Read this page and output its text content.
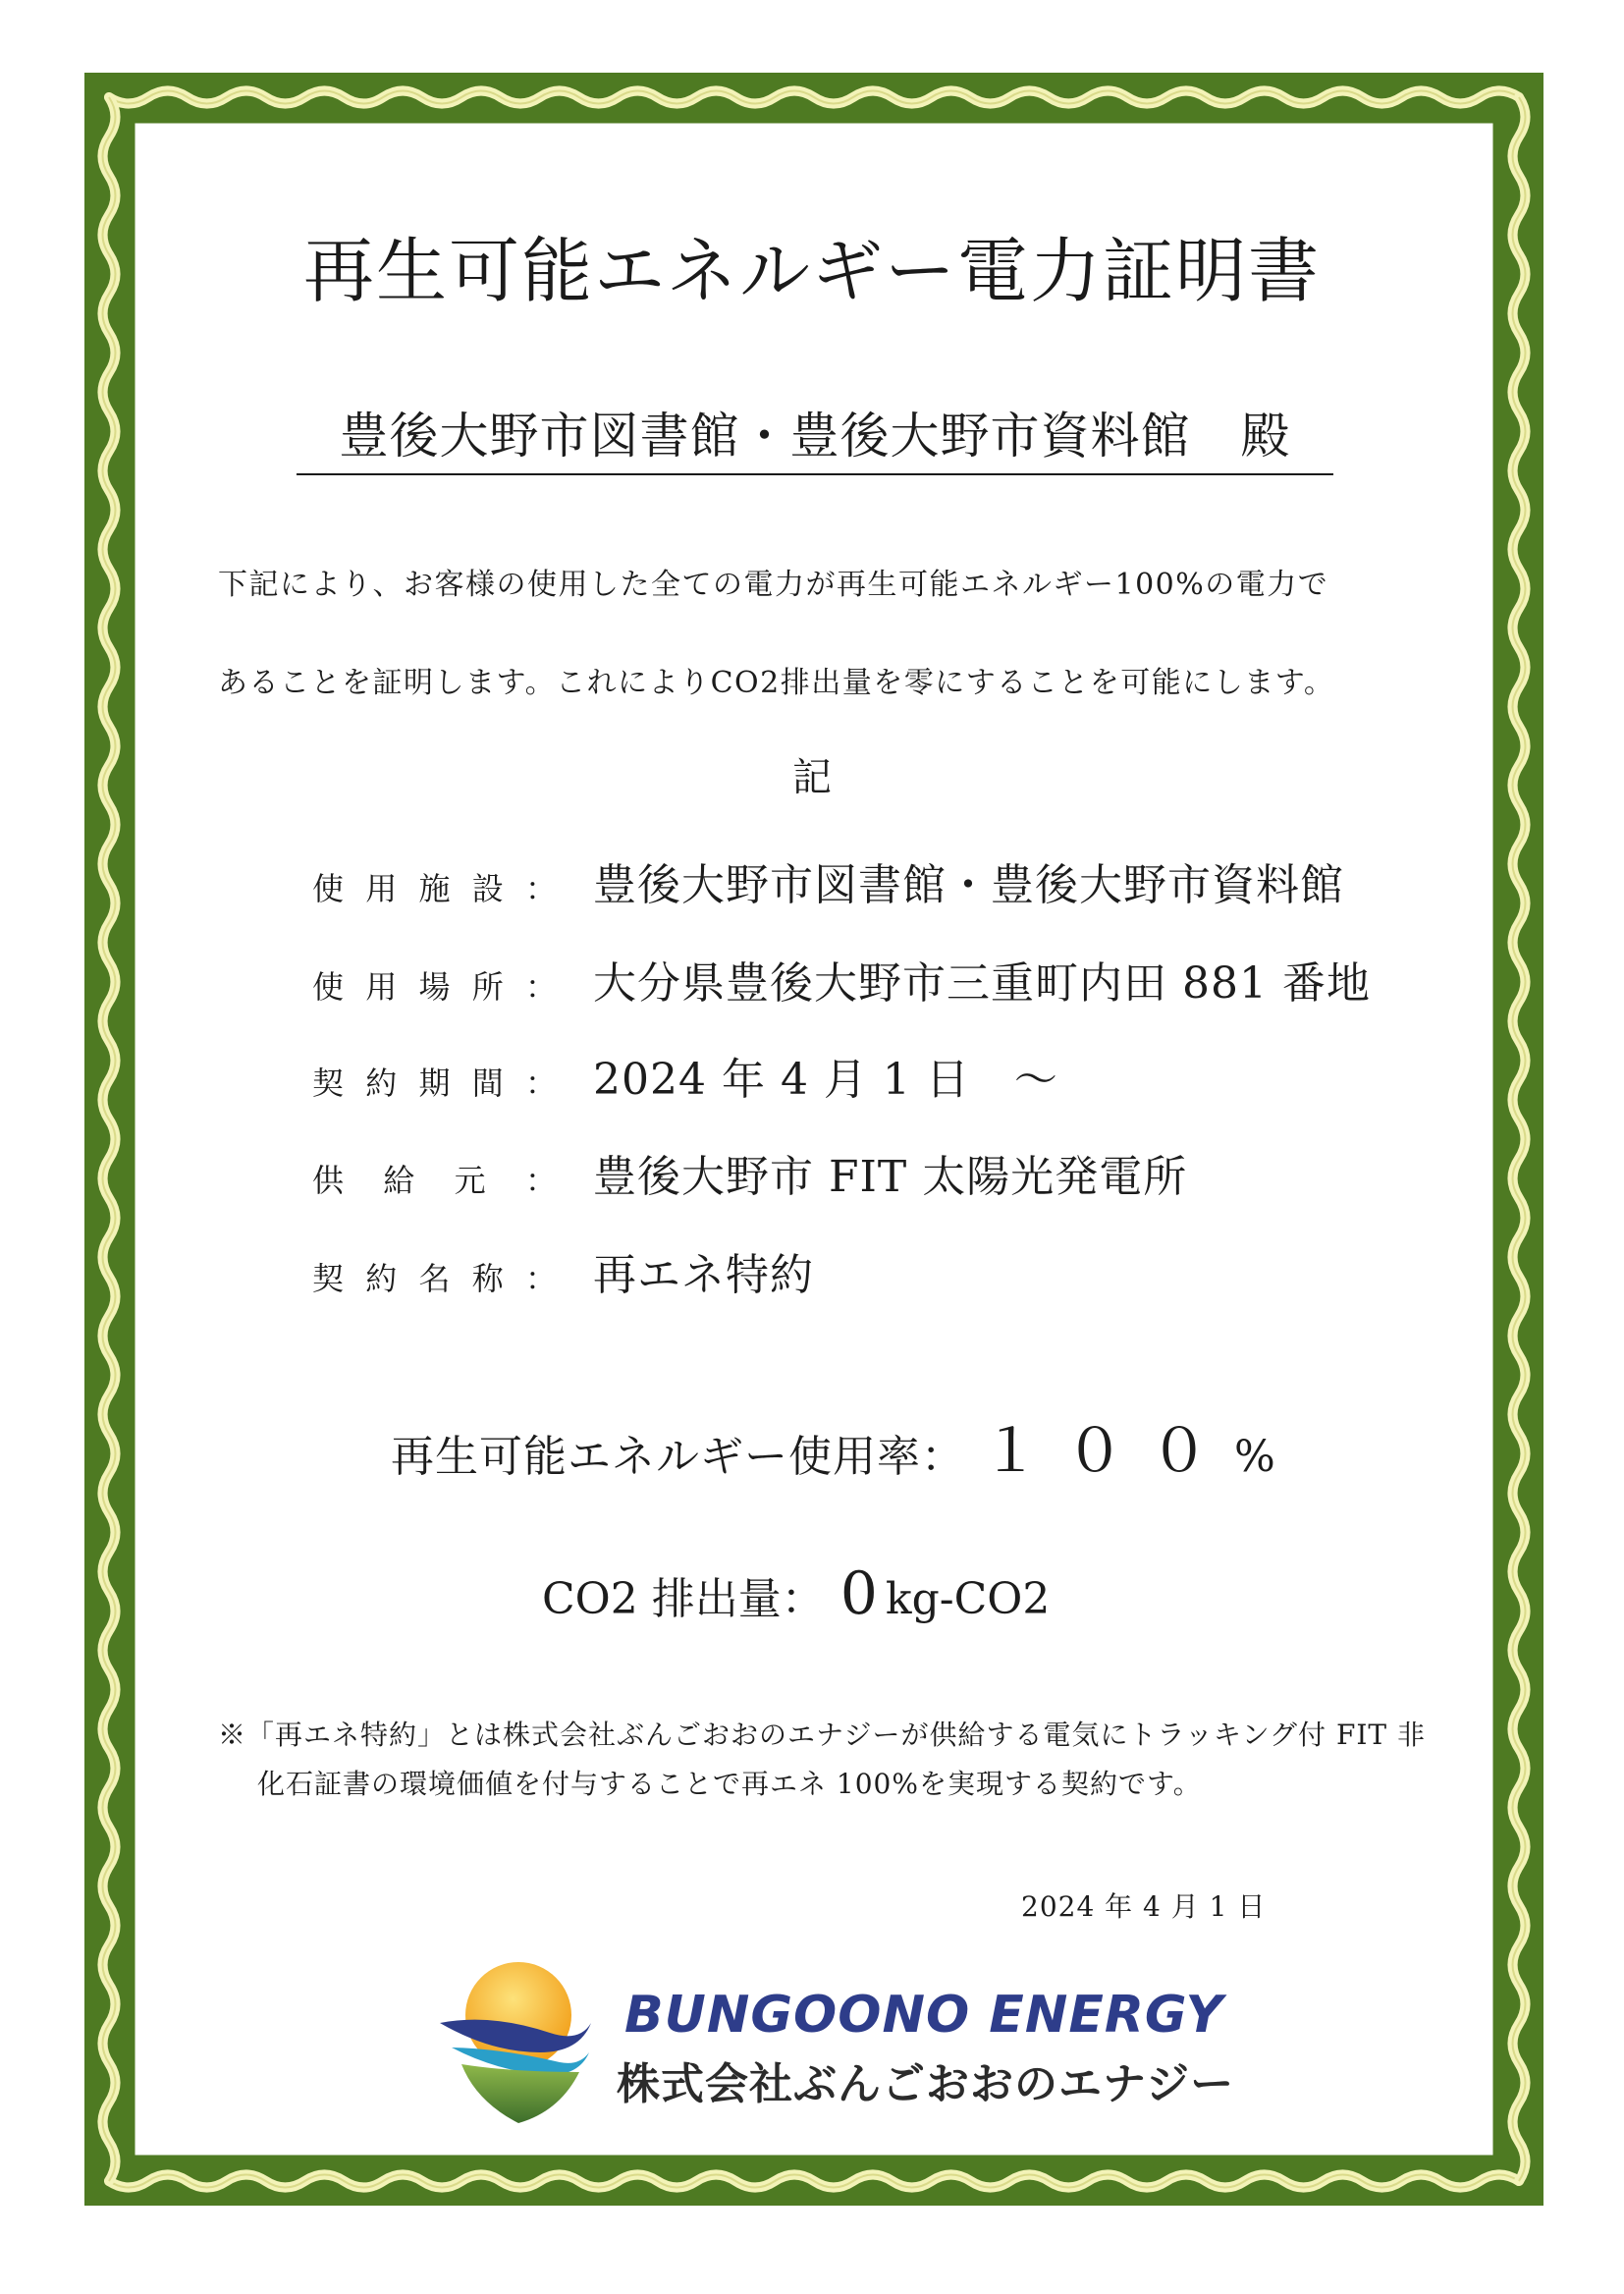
再生可能エネルギー電力証明書
豊後大野市図書館・豊後大野市資料館　殿
下記により、お客様の使用した全ての電力が再生可能エネルギー100%の電力で
あることを証明します。これによりCO2排出量を零にすることを可能にします。
記
使 用 施 設 ： 豊後大野市図書館・豊後大野市資料館
使 用 場 所 ： 大分県豊後大野市三重町内田 881 番地
契 約 期 間 ： 2024 年 4 月 1 日　～
供 給 元 ： 豊後大野市 FIT 太陽光発電所
契 約 名 称 ： 再エネ特約
再生可能エネルギー使用率： １００ %
CO2 排出量： 0 kg-CO2
※「再エネ特約」とは株式会社ぶんごおおのエナジーが供給する電気にトラッキング付 FIT 非
化石証書の環境価値を付与することで再エネ 100%を実現する契約です。
2024 年 4 月 1 日
BUNGOONO ENERGY
株式会社ぶんごおおのエナジー
